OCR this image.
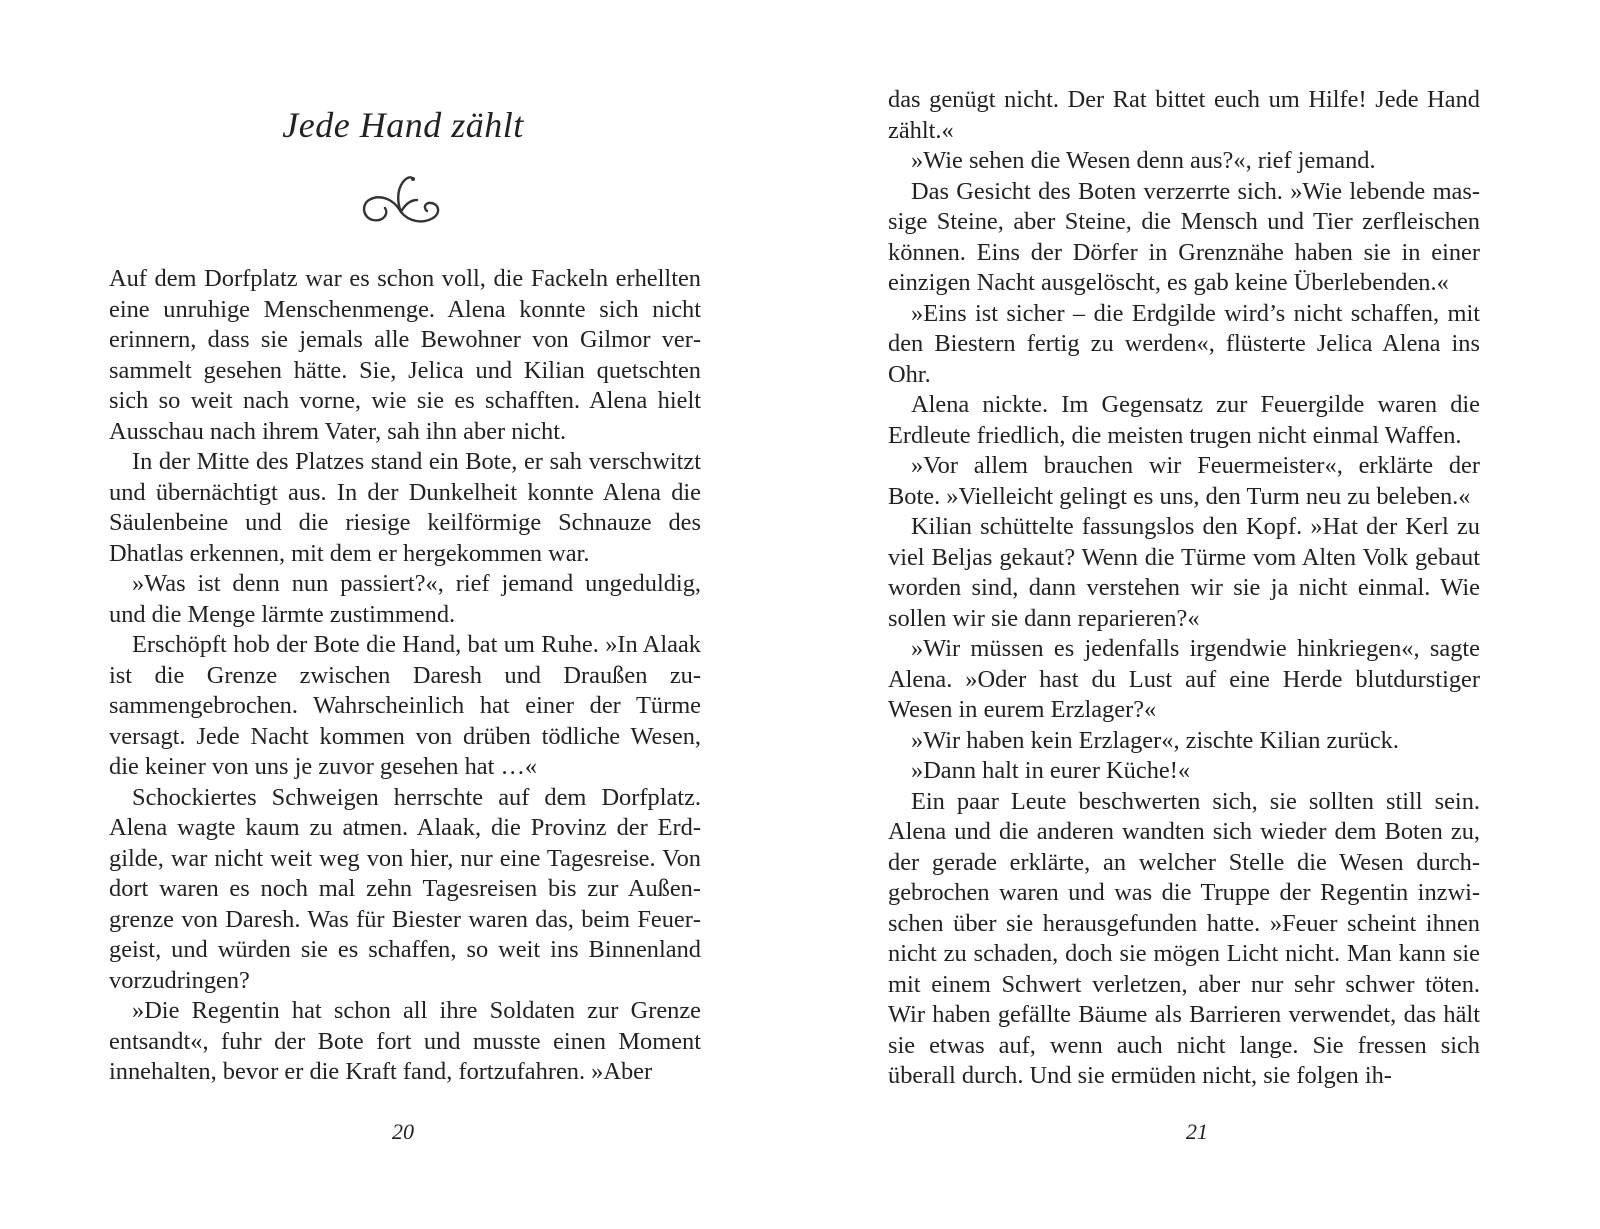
Jede Hand zählt

Auf dem Dorfplatz war es schon voll, die Fackeln erhellten eine unruhige Menschenmenge. Alena konnte sich nicht erinnern, dass sie jemals alle Bewohner von Gilmor versammelt gesehen hätte. Sie, Jelica und Kilian quetschten sich so weit nach vorne, wie sie es schafften. Alena hielt Ausschau nach ihrem Vater, sah ihn aber nicht.

In der Mitte des Platzes stand ein Bote, er sah verschwitzt und übernächtigt aus. In der Dunkelheit konnte Alena die Säulenbeine und die riesige keilförmige Schnauze des Dhatlas erkennen, mit dem er hergekommen war.

»Was ist denn nun passiert?«, rief jemand ungeduldig, und die Menge lärmte zustimmend.

Erschöpft hob der Bote die Hand, bat um Ruhe. »In Alaak ist die Grenze zwischen Daresh und Draußen zusammengebrochen. Wahrscheinlich hat einer der Türme versagt. Jede Nacht kommen von drüben tödliche Wesen, die keiner von uns je zuvor gesehen hat …«

Schockiertes Schweigen herrschte auf dem Dorfplatz. Alena wagte kaum zu atmen. Alaak, die Provinz der Erdgilde, war nicht weit weg von hier, nur eine Tagesreise. Von dort waren es noch mal zehn Tagesreisen bis zur Außengrenze von Daresh. Was für Biester waren das, beim Feuergeist, und würden sie es schaffen, so weit ins Binnenland vorzudringen?

»Die Regentin hat schon all ihre Soldaten zur Grenze entsandt«, fuhr der Bote fort und musste einen Moment innehalten, bevor er die Kraft fand, fortzufahren. »Aber

20

das genügt nicht. Der Rat bittet euch um Hilfe! Jede Hand zählt.«

»Wie sehen die Wesen denn aus?«, rief jemand.

Das Gesicht des Boten verzerrte sich. »Wie lebende massige Steine, aber Steine, die Mensch und Tier zerfleischen können. Eins der Dörfer in Grenznähe haben sie in einer einzigen Nacht ausgelöscht, es gab keine Überlebenden.«

»Eins ist sicher – die Erdgilde wird’s nicht schaffen, mit den Biestern fertig zu werden«, flüsterte Jelica Alena ins Ohr.

Alena nickte. Im Gegensatz zur Feuergilde waren die Erdleute friedlich, die meisten trugen nicht einmal Waffen.

»Vor allem brauchen wir Feuermeister«, erklärte der Bote. »Vielleicht gelingt es uns, den Turm neu zu beleben.«

Kilian schüttelte fassungslos den Kopf. »Hat der Kerl zu viel Beljas gekaut? Wenn die Türme vom Alten Volk gebaut worden sind, dann verstehen wir sie ja nicht einmal. Wie sollen wir sie dann reparieren?«

»Wir müssen es jedenfalls irgendwie hinkriegen«, sagte Alena. »Oder hast du Lust auf eine Herde blutdurstiger Wesen in eurem Erzlager?«

»Wir haben kein Erzlager«, zischte Kilian zurück.

»Dann halt in eurer Küche!«

Ein paar Leute beschwerten sich, sie sollten still sein. Alena und die anderen wandten sich wieder dem Boten zu, der gerade erklärte, an welcher Stelle die Wesen durchgebrochen waren und was die Truppe der Regentin inzwischen über sie herausgefunden hatte. »Feuer scheint ihnen nicht zu schaden, doch sie mögen Licht nicht. Man kann sie mit einem Schwert verletzen, aber nur sehr schwer töten. Wir haben gefällte Bäume als Barrieren verwendet, das hält sie etwas auf, wenn auch nicht lange. Sie fressen sich überall durch. Und sie ermüden nicht, sie folgen ih-

21
